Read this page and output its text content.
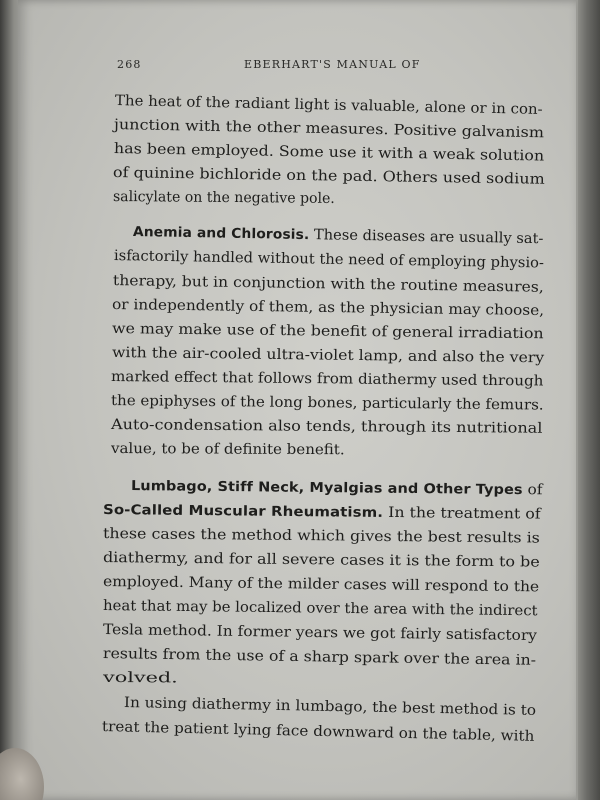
268	EBERHART'S MANUAL OF
The heat of the radiant light is valuable, alone or in con-
junction with the other measures. Positive galvanism
has been employed. Some use it with a weak solution
of quinine bichloride on the pad. Others used sodium
salicylate on the negative pole.
Anemia and Chlorosis. These diseases are usually sat-
isfactorily handled without the need of employing physio-
therapy, but in conjunction with the routine measures,
or independently of them, as the physician may choose,
we may make use of the benefit of general irradiation
with the air-cooled ultra-violet lamp, and also the very
marked effect that follows from diathermy used through
the epiphyses of the long bones, particularly the femurs.
Auto-condensation also tends, through its nutritional
value, to be of definite benefit.
Lumbago, Stiff Neck, Myalgias and Other Types of
So-Called Muscular Rheumatism. In the treatment of
these cases the method which gives the best results is
diathermy, and for all severe cases it is the form to be
employed. Many of the milder cases will respond to the
heat that may be localized over the area with the indirect
Tesla method. In former years we got fairly satisfactory
results from the use of a sharp spark over the area in-
volved.
In using diathermy in lumbago, the best method is to
treat the patient lying face downward on the table, with
